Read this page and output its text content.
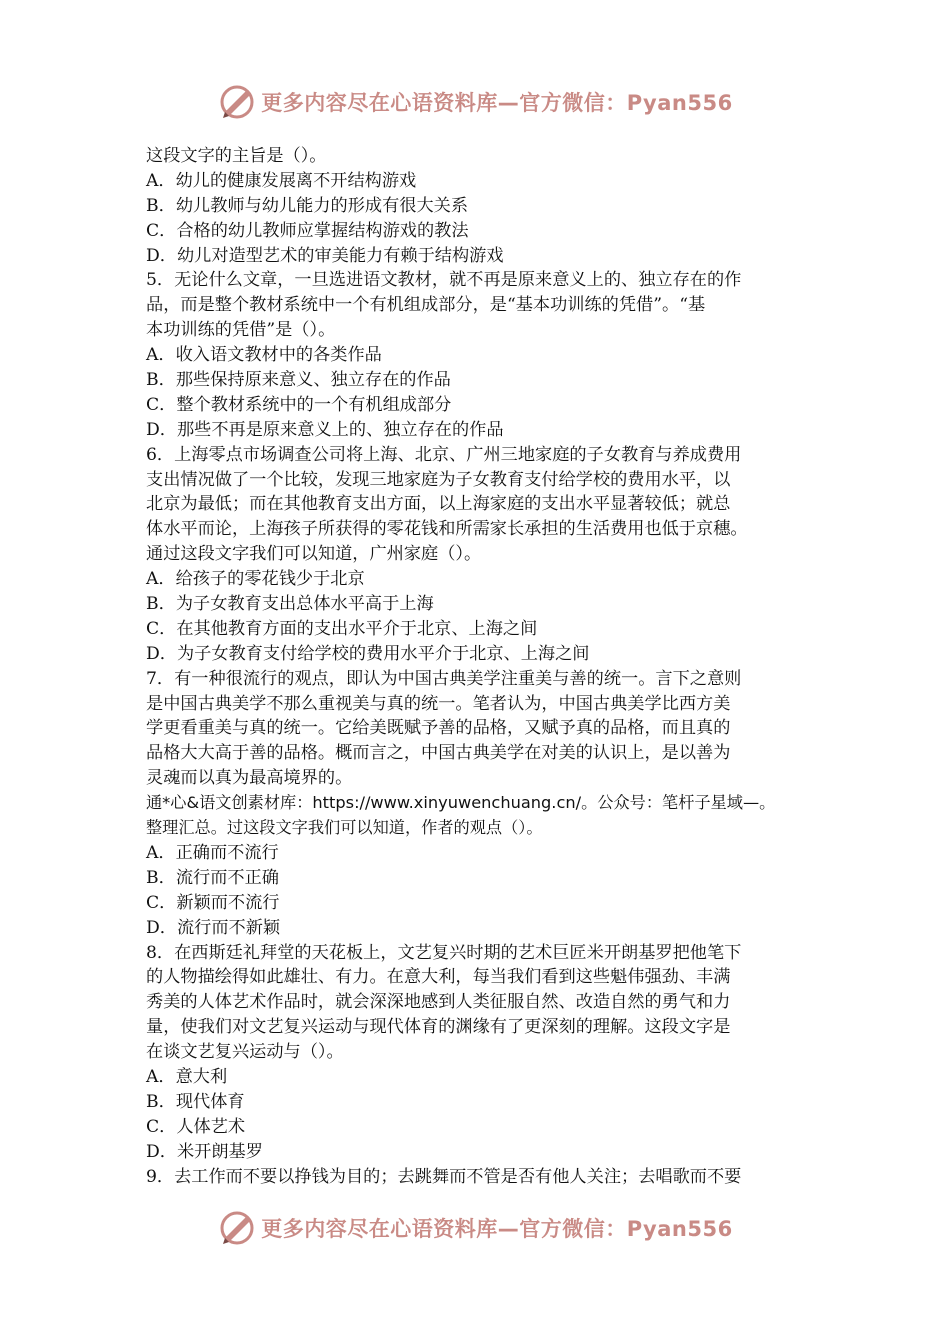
更多内容尽在心语资料库—官方微信：Pyan556
这段文字的主旨是（）。
A．幼儿的健康发展离不开结构游戏
B．幼儿教师与幼儿能力的形成有很大关系
C．合格的幼儿教师应掌握结构游戏的教法
D．幼儿对造型艺术的审美能力有赖于结构游戏
5．无论什么文章，一旦选进语文教材，就不再是原来意义上的、独立存在的作
品，而是整个教材系统中一个有机组成部分，是“基本功训练的凭借”。“基
本功训练的凭借”是（）。
A．收入语文教材中的各类作品
B．那些保持原来意义、独立存在的作品
C．整个教材系统中的一个有机组成部分
D．那些不再是原来意义上的、独立存在的作品
6．上海零点市场调查公司将上海、北京、广州三地家庭的子女教育与养成费用
支出情况做了一个比较，发现三地家庭为子女教育支付给学校的费用水平，以
北京为最低；而在其他教育支出方面，以上海家庭的支出水平显著较低；就总
体水平而论，上海孩子所获得的零花钱和所需家长承担的生活费用也低于京穗。
通过这段文字我们可以知道，广州家庭（）。
A．给孩子的零花钱少于北京
B．为子女教育支出总体水平高于上海
C．在其他教育方面的支出水平介于北京、上海之间
D．为子女教育支付给学校的费用水平介于北京、上海之间
7．有一种很流行的观点，即认为中国古典美学注重美与善的统一。言下之意则
是中国古典美学不那么重视美与真的统一。笔者认为，中国古典美学比西方美
学更看重美与真的统一。它给美既赋予善的品格，又赋予真的品格，而且真的
品格大大高于善的品格。概而言之，中国古典美学在对美的认识上，是以善为
灵魂而以真为最高境界的。
通*心&语文创素材库：https://www.xinyuwenchuang.cn/。公众号：笔杆子星域—。
整理汇总。过这段文字我们可以知道，作者的观点（）。
A．正确而不流行
B．流行而不正确
C．新颖而不流行
D．流行而不新颖
8．在西斯廷礼拜堂的天花板上，文艺复兴时期的艺术巨匠米开朗基罗把他笔下
的人物描绘得如此雄壮、有力。在意大利，每当我们看到这些魁伟强劲、丰满
秀美的人体艺术作品时，就会深深地感到人类征服自然、改造自然的勇气和力
量，使我们对文艺复兴运动与现代体育的渊缘有了更深刻的理解。这段文字是
在谈文艺复兴运动与（）。
A．意大利
B．现代体育
C．人体艺术
D．米开朗基罗
9．去工作而不要以挣钱为目的；去跳舞而不管是否有他人关注；去唱歌而不要
更多内容尽在心语资料库—官方微信：Pyan556
